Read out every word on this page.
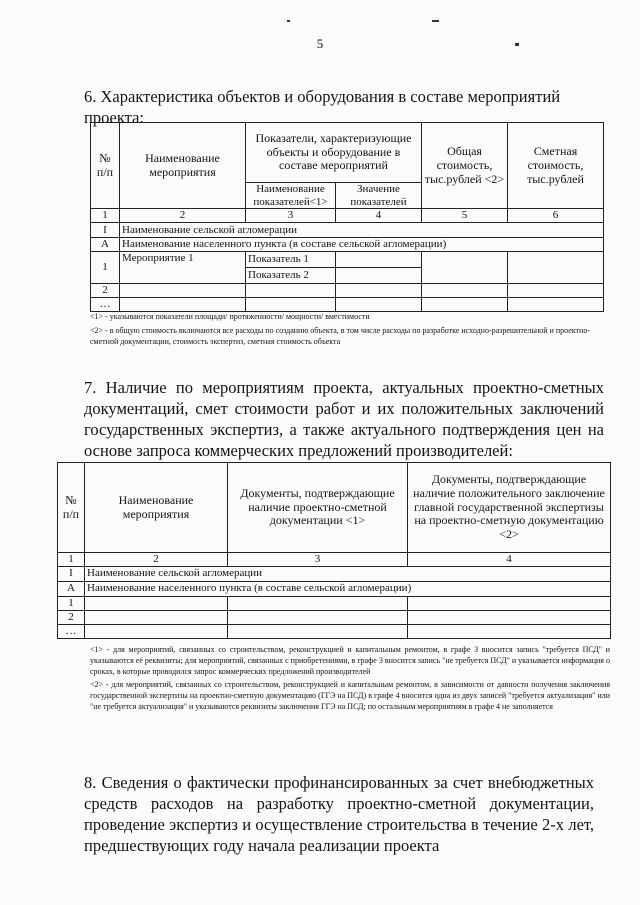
5
6. Характеристика объектов и оборудования в составе мероприятий проекта:
№ п/п	Наименование мероприятия	Показатели, характеризующие объекты и оборудование в составе мероприятий		Общая стоимость, тыс.рублей <2>	Сметная стоимость, тыс.рублей
		Наименование показателей<1>	Значение показателей		
1	2	3	4	5	6
I	Наименование сельской агломерации				
А	Наименование населенного пункта (в составе сельской агломерации)				
1	Мероприятие 1	Показатель 1			
		Показатель 2			
2					
…					
<1> - указываются показатели площади/ протяженности/ мощности/ вместимости
<2> - в общую стоимость включаются все расходы по созданию объекта, в том числе расходы по разработке исходно-разрешительной и проектно-сметной документации, стоимость экспертиз, сметная стоимость объекта
7. Наличие по мероприятиям проекта, актуальных проектно-сметных документаций, смет стоимости работ и их положительных заключений государственных экспертиз, а также актуального подтверждения цен на основе запроса коммерческих предложений производителей:
№ п/п	Наименование мероприятия	Документы, подтверждающие наличие проектно-сметной документации <1>	Документы, подтверждающие наличие положительного заключение главной государственной экспертизы на проектно-сметную документацию <2>
1	2	3	4
I	Наименование сельской агломерации		
А	Наименование населенного пункта (в составе сельской агломерации)		
1			
2			
…			
<1> - для мероприятий, связанных со строительством, реконструкцией и капитальным ремонтом, в графе 3 вносится запись "требуется ПСД" и указываются её реквизиты; для мероприятий, связанных с приобретениями, в графе 3 вносится запись "не требуется ПСД" и указывается информация о сроках, в которые проводился запрос коммерческих предложений производителей
<2> - для мероприятий, связанных со строительством, реконструкцией и капитальным ремонтом, в зависимости от давности получения заключения государственной экспертизы на проектно-сметную документацию (ГГЭ на ПСД) в графе 4 вносится одна из двух записей "требуется актуализация" или "не требуется актуализация" и указываются реквизиты заключения ГГЭ на ПСД; по остальным мероприятиям в графе 4 не заполняется
8. Сведения о фактически профинансированных за счет внебюджетных средств расходов на разработку проектно-сметной документации, проведение экспертиз и осуществление строительства в течение 2-х лет, предшествующих году начала реализации проекта
